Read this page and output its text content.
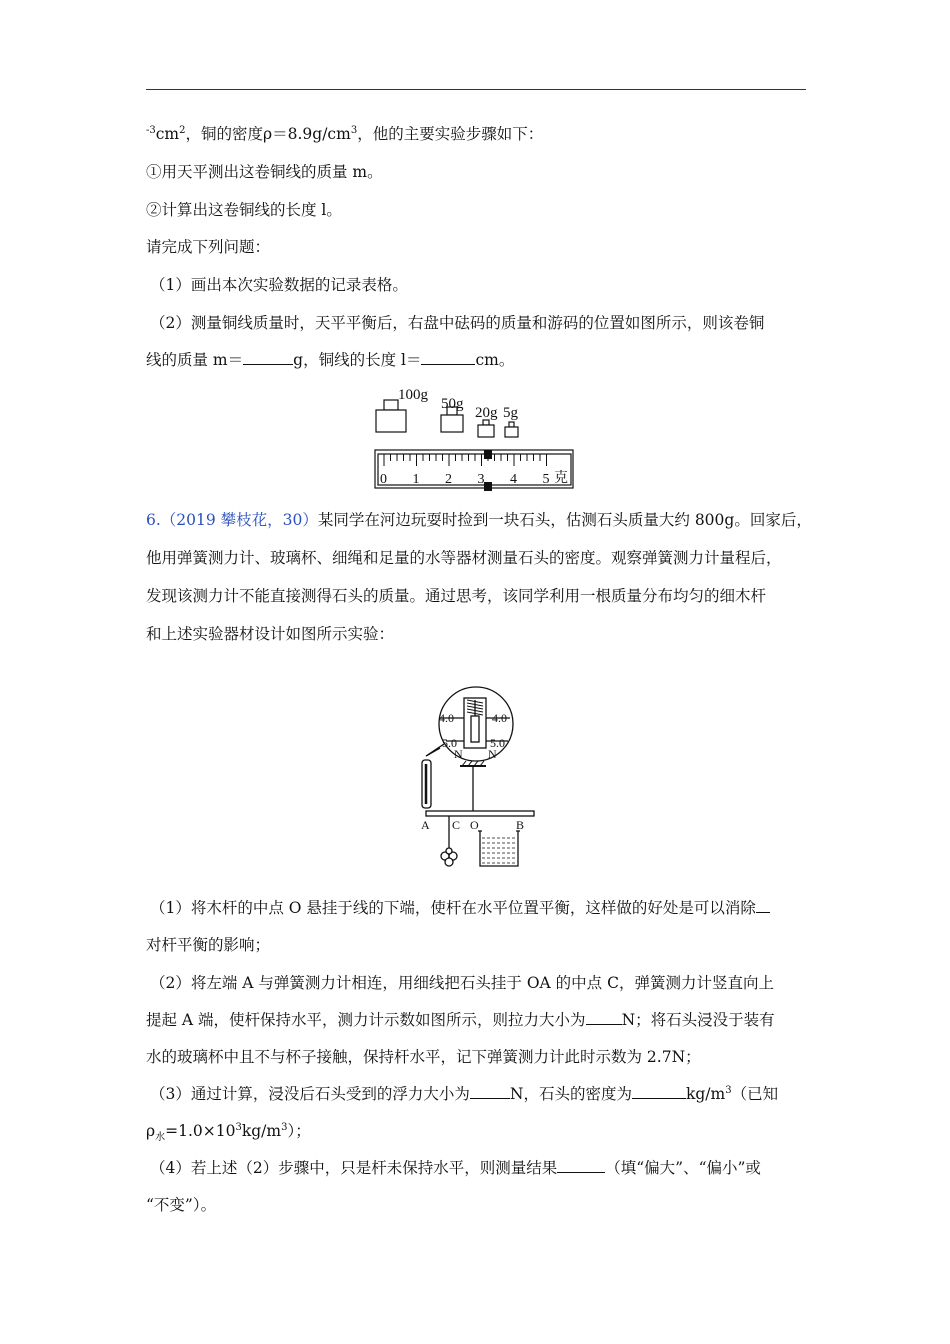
$^{-3}cm^2$，铜的密度$\rho=8.9g/cm^3$，他的主要实验步骤如下：
①用天平测出这卷铜线的质量 m。
②计算出这卷铜线的长度 l。
请完成下列问题：
（1）画出本次实验数据的记录表格。
（2）测量铜线质量时，天平平衡后，右盘中砝码的质量和游码的位置如图所示，则该卷铜
线的质量 m＝	g，铜线的长度 l＝	cm。
100g
50g
20g 5g
0 1 2 3 4 5 克
6.（2019 攀枝花，30）某同学在河边玩耍时捡到一块石头，估测石头质量大约 800g。回家后，
他用弹簧测力计、玻璃杯、细绳和足量的水等器材测量石头的密度。观察弹簧测力计量程后，
发现该测力计不能直接测得石头的质量。通过思考，该同学利用一根质量分布均匀的细木杆
和上述实验器材设计如图所示实验：
4.0	4.0
5.0	5.0
N N
A C O	B
（1）将木杆的中点 O 悬挂于线的下端，使杆在水平位置平衡，这样做的好处是可以消除
对杆平衡的影响；
（2）将左端 A 与弹簧测力计相连，用细线把石头挂于 OA 的中点 C，弹簧测力计竖直向上
提起 A 端，使杆保持水平，测力计示数如图所示，则拉力大小为 N；将石头浸没于装有
水的玻璃杯中且不与杯子接触，保持杆水平，记下弹簧测力计此时示数为 2.7N；
（3）通过计算，浸没后石头受到的浮力大小为	N，石头的密度为	$kg/m^3$（已知
$\rho_水=1.0\times 10^3kg/m^3$）；
（4）若上述（2）步骤中，只是杆未保持水平，则测量结果	（填“偏大”、“偏小”或
“不变”）。
